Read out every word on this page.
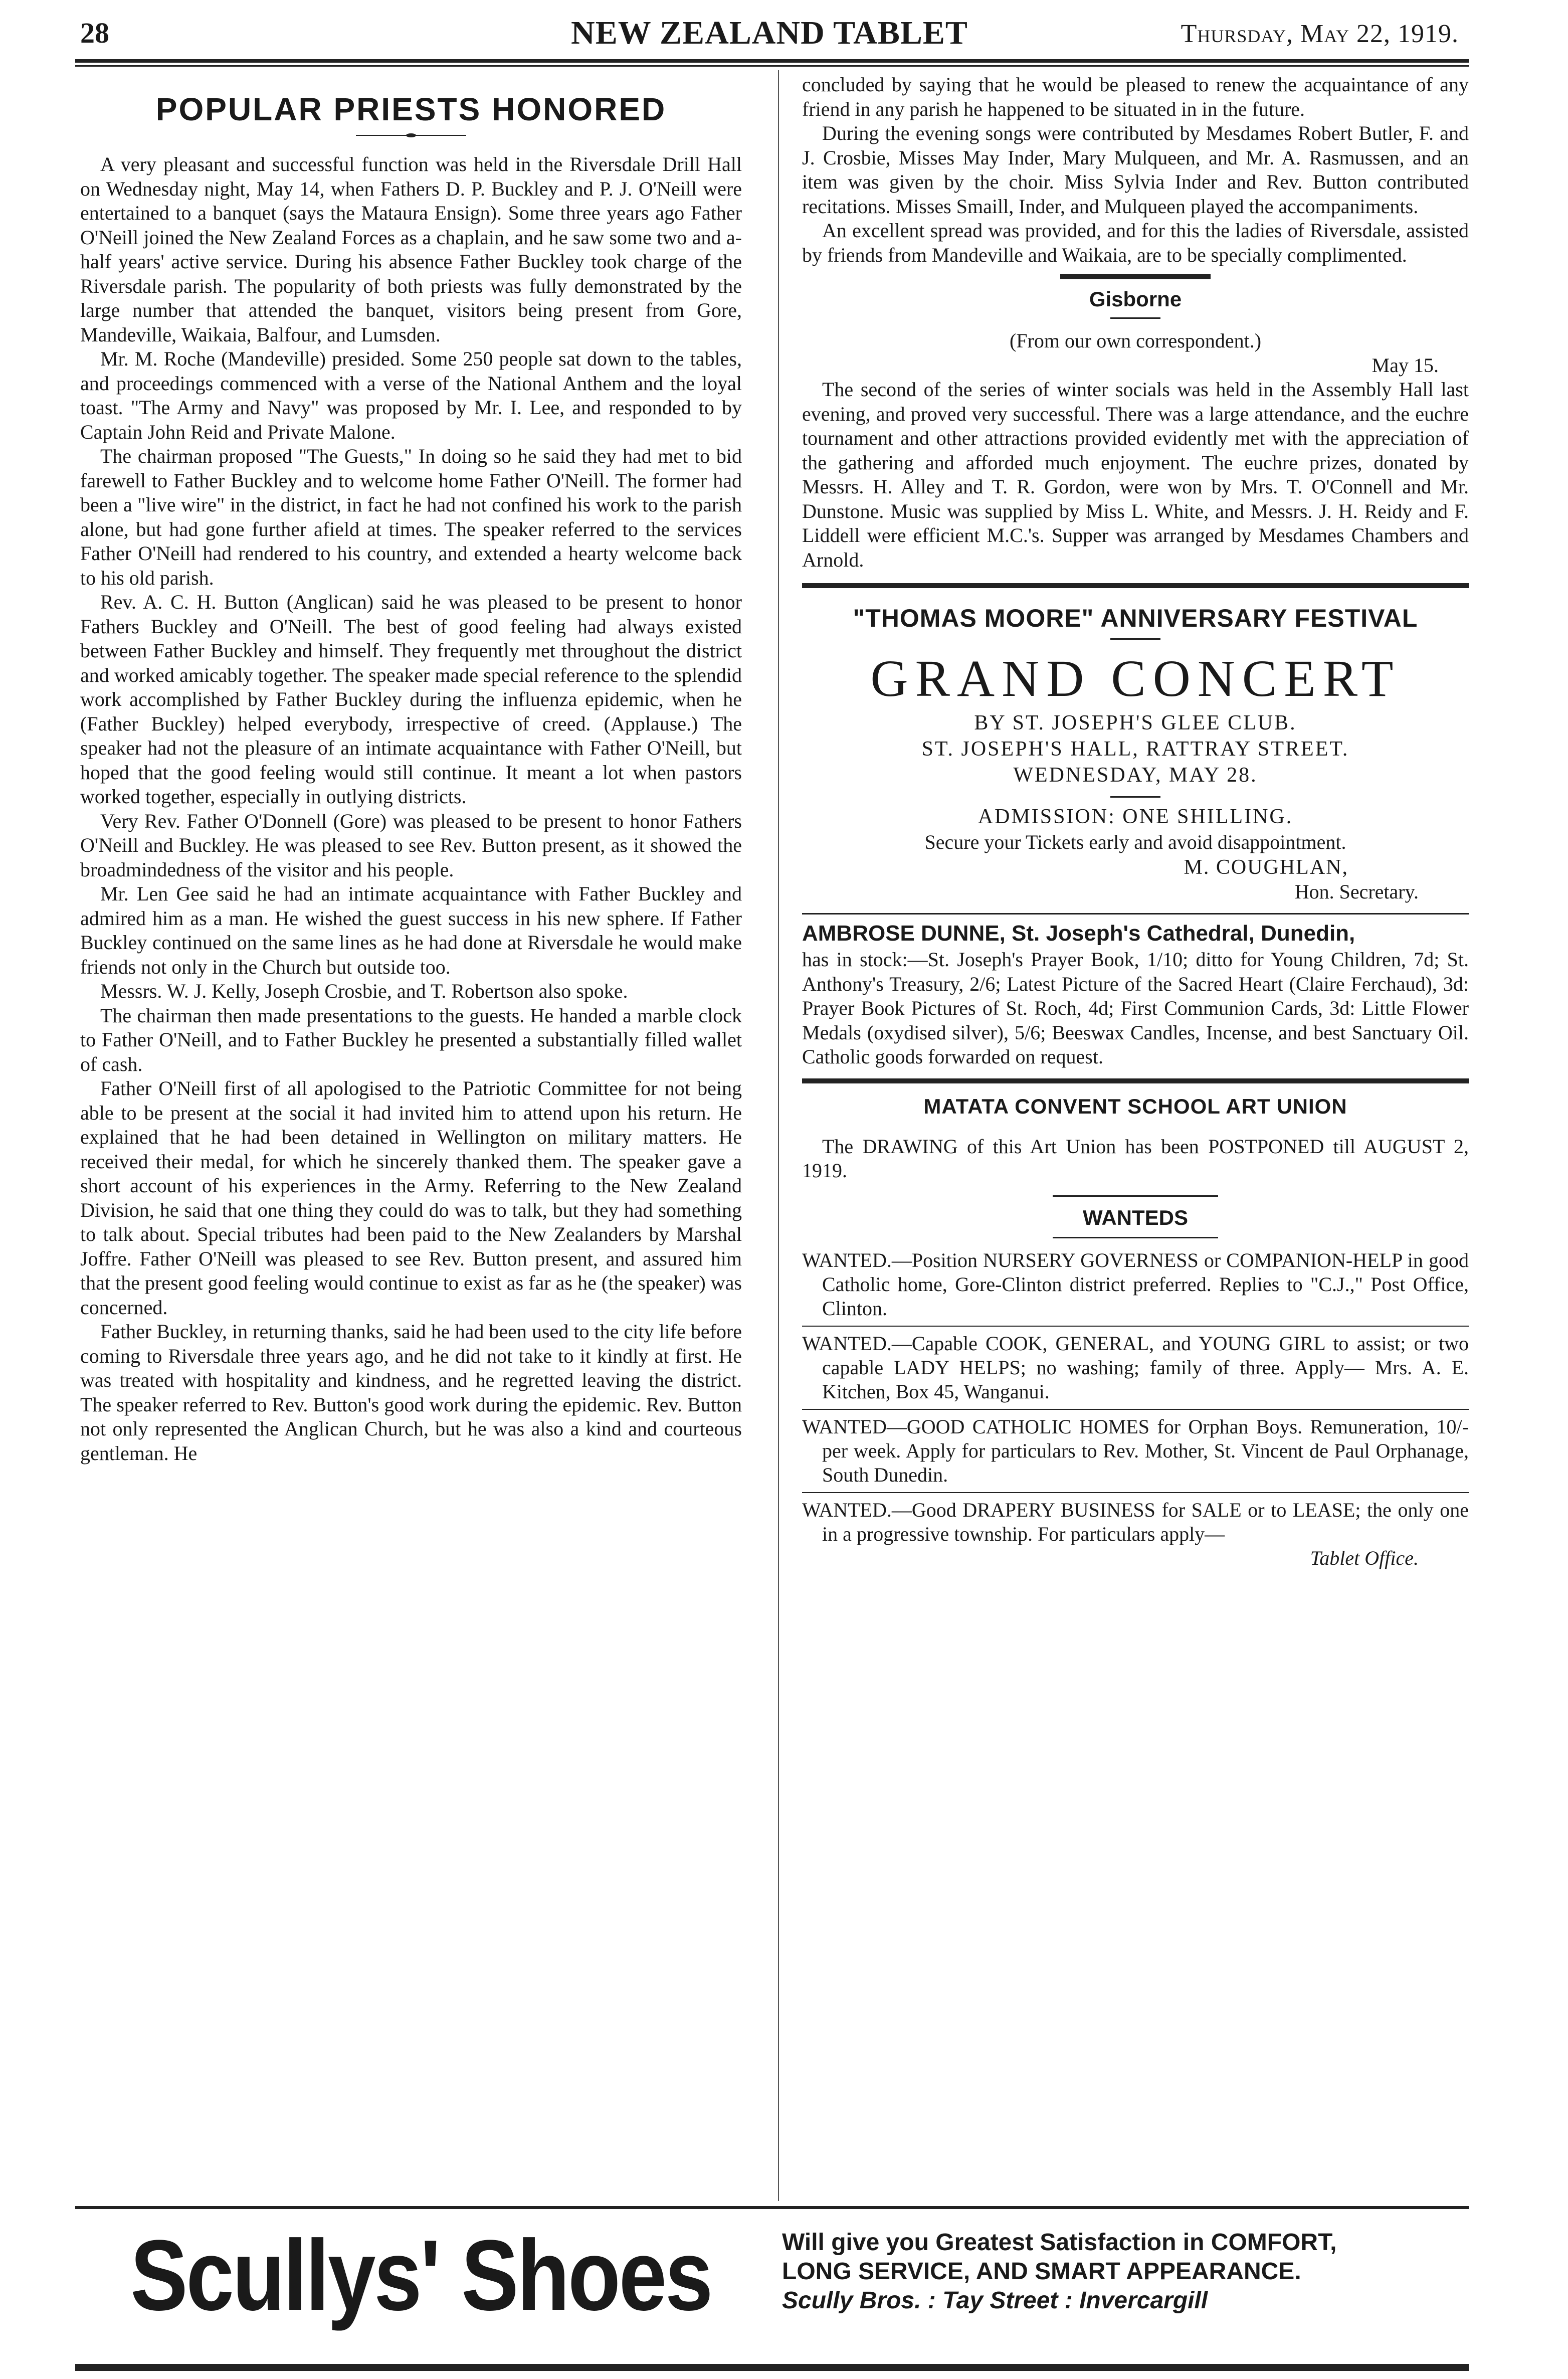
28	NEW ZEALAND TABLET	Thursday, May 22, 1919.
POPULAR PRIESTS HONORED

A very pleasant and successful function was held in the Riversdale Drill Hall on Wednesday night, May 14, when Fathers D. P. Buckley and P. J. O'Neill were entertained to a banquet (says the Mataura Ensign). Some three years ago Father O'Neill joined the New Zealand Forces as a chaplain, and he saw some two and a-half years' active service. During his absence Father Buckley took charge of the Riversdale parish. The popularity of both priests was fully demonstrated by the large number that attended the banquet, visitors being present from Gore, Mandeville, Waikaia, Balfour, and Lumsden.

Mr. M. Roche (Mandeville) presided. Some 250 people sat down to the tables, and proceedings commenced with a verse of the National Anthem and the loyal toast. "The Army and Navy" was proposed by Mr. I. Lee, and responded to by Captain John Reid and Private Malone.

The chairman proposed "The Guests," In doing so he said they had met to bid farewell to Father Buckley and to welcome home Father O'Neill. The former had been a "live wire" in the district, in fact he had not confined his work to the parish alone, but had gone further afield at times. The speaker referred to the services Father O'Neill had rendered to his country, and extended a hearty welcome back to his old parish.

Rev. A. C. H. Button (Anglican) said he was pleased to be present to honor Fathers Buckley and O'Neill. The best of good feeling had always existed between Father Buckley and himself. They frequently met throughout the district and worked amicably together. The speaker made special reference to the splendid work accomplished by Father Buckley during the influenza epidemic, when he (Father Buckley) helped everybody, irrespective of creed. (Applause.) The speaker had not the pleasure of an intimate acquaintance with Father O'Neill, but hoped that the good feeling would still continue. It meant a lot when pastors worked together, especially in outlying districts.

Very Rev. Father O'Donnell (Gore) was pleased to be present to honor Fathers O'Neill and Buckley. He was pleased to see Rev. Button present, as it showed the broadmindedness of the visitor and his people.

Mr. Len Gee said he had an intimate acquaintance with Father Buckley and admired him as a man. He wished the guest success in his new sphere. If Father Buckley continued on the same lines as he had done at Riversdale he would make friends not only in the Church but outside too.

Messrs. W. J. Kelly, Joseph Crosbie, and T. Robertson also spoke.

The chairman then made presentations to the guests. He handed a marble clock to Father O'Neill, and to Father Buckley he presented a substantially filled wallet of cash.

Father O'Neill first of all apologised to the Patriotic Committee for not being able to be present at the social it had invited him to attend upon his return. He explained that he had been detained in Wellington on military matters. He received their medal, for which he sincerely thanked them. The speaker gave a short account of his experiences in the Army. Referring to the New Zealand Division, he said that one thing they could do was to talk, but they had something to talk about. Special tributes had been paid to the New Zealanders by Marshal Joffre. Father O'Neill was pleased to see Rev. Button present, and assured him that the present good feeling would continue to exist as far as he (the speaker) was concerned.

Father Buckley, in returning thanks, said he had been used to the city life before coming to Riversdale three years ago, and he did not take to it kindly at first. He was treated with hospitality and kindness, and he regretted leaving the district. The speaker referred to Rev. Button's good work during the epidemic. Rev. Button not only represented the Anglican Church, but he was also a kind and courteous gentleman. He

concluded by saying that he would be pleased to renew the acquaintance of any friend in any parish he happened to be situated in in the future.

During the evening songs were contributed by Mesdames Robert Butler, F. and J. Crosbie, Misses May Inder, Mary Mulqueen, and Mr. A. Rasmussen, and an item was given by the choir. Miss Sylvia Inder and Rev. Button contributed recitations. Misses Smaill, Inder, and Mulqueen played the accompaniments.

An excellent spread was provided, and for this the ladies of Riversdale, assisted by friends from Mandeville and Waikaia, are to be specially complimented.

Gisborne

(From our own correspondent.)

May 15.

The second of the series of winter socials was held in the Assembly Hall last evening, and proved very successful. There was a large attendance, and the euchre tournament and other attractions provided evidently met with the appreciation of the gathering and afforded much enjoyment. The euchre prizes, donated by Messrs. H. Alley and T. R. Gordon, were won by Mrs. T. O'Connell and Mr. Dunstone. Music was supplied by Miss L. White, and Messrs. J. H. Reidy and F. Liddell were efficient M.C.'s. Supper was arranged by Mesdames Chambers and Arnold.

"THOMAS MOORE" ANNIVERSARY FESTIVAL
GRAND CONCERT
BY ST. JOSEPH'S GLEE CLUB.
ST. JOSEPH'S HALL, RATTRAY STREET.
WEDNESDAY, MAY 28.
ADMISSION: ONE SHILLING.
Secure your Tickets early and avoid disappointment.
M. COUGHLAN,
Hon. Secretary.
AMBROSE DUNNE, St. Joseph's Cathedral, Dunedin,

has in stock:—St. Joseph's Prayer Book, 1/10; ditto for Young Children, 7d; St. Anthony's Treasury, 2/6; Latest Picture of the Sacred Heart (Claire Ferchaud), 3d: Prayer Book Pictures of St. Roch, 4d; First Communion Cards, 3d: Little Flower Medals (oxydised silver), 5/6; Beeswax Candles, Incense, and best Sanctuary Oil. Catholic goods forwarded on request.

MATATA CONVENT SCHOOL ART UNION

The DRAWING of this Art Union has been POSTPONED till AUGUST 2, 1919.

WANTEDS

WANTED.—Position NURSERY GOVERNESS or COMPANION-HELP in good Catholic home, Gore-Clinton district preferred. Replies to "C.J.," Post Office, Clinton.

WANTED.—Capable COOK, GENERAL, and YOUNG GIRL to assist; or two capable LADY HELPS; no washing; family of three. Apply— Mrs. A. E. Kitchen, Box 45, Wanganui.

WANTED—GOOD CATHOLIC HOMES for Orphan Boys. Remuneration, 10/- per week. Apply for particulars to Rev. Mother, St. Vincent de Paul Orphanage, South Dunedin.

WANTED.—Good DRAPERY BUSINESS for SALE or to LEASE; the only one in a progressive township. For particulars apply—

Tablet Office.

Scullys' Shoes	Will give you Greatest Satisfaction in COMFORT,
LONG SERVICE, AND SMART APPEARANCE.
Scully Bros. : Tay Street : Invercargill
